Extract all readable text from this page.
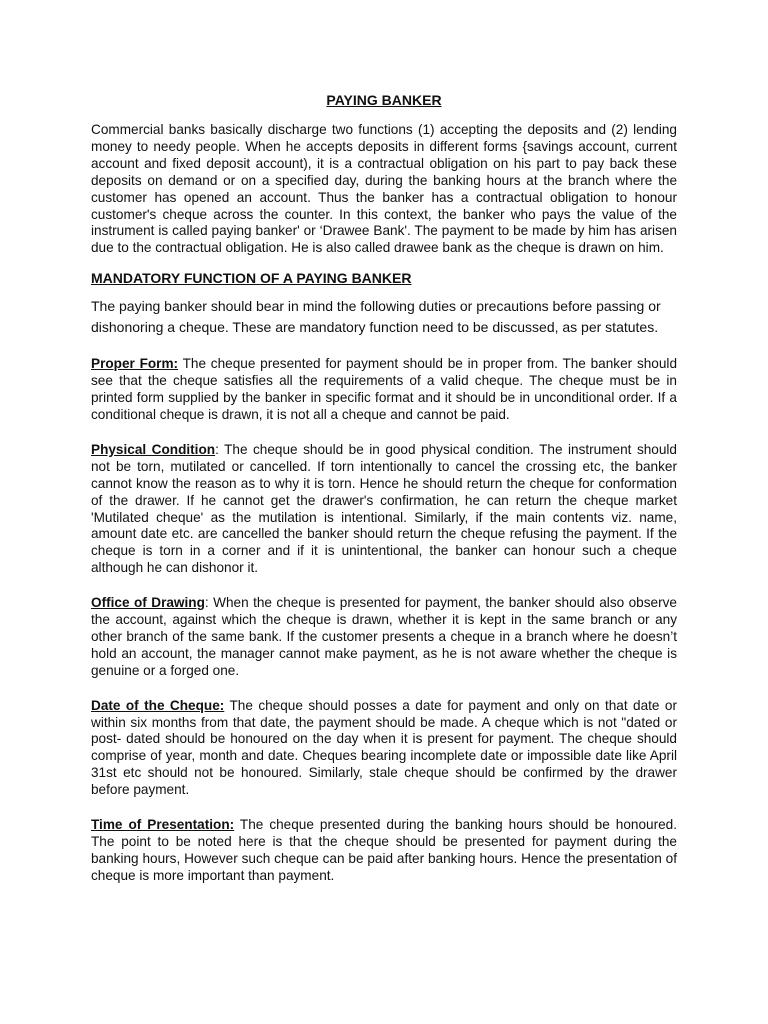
PAYING BANKER

Commercial banks basically discharge two functions (1) accepting the deposits and (2) lending money to needy people. When he accepts deposits in different forms {savings account, current account and fixed deposit account), it is a contractual obligation on his part to pay back these deposits on demand or on a specified day, during the banking hours at the branch where the customer has opened an account. Thus the banker has a contractual obligation to honour customer's cheque across the counter. In this context, the banker who pays the value of the instrument is called paying banker' or ‘Drawee Bank'. The payment to be made by him has arisen due to the contractual obligation. He is also called drawee bank as the cheque is drawn on him.

MANDATORY FUNCTION OF A PAYING BANKER

The paying banker should bear in mind the following duties or precautions before passing or dishonoring a cheque. These are mandatory function need to be discussed, as per statutes.

Proper Form: The cheque presented for payment should be in proper from. The banker should see that the cheque satisfies all the requirements of a valid cheque. The cheque must be in printed form supplied by the banker in specific format and it should be in unconditional order. If a conditional cheque is drawn, it is not all a cheque and cannot be paid.

Physical Condition: The cheque should be in good physical condition. The instrument should not be torn, mutilated or cancelled. If torn intentionally to cancel the crossing etc, the banker cannot know the reason as to why it is torn. Hence he should return the cheque for conformation of the drawer. If he cannot get the drawer's confirmation, he can return the cheque market 'Mutilated cheque' as the mutilation is intentional. Similarly, if the main contents viz. name, amount date etc. are cancelled the banker should return the cheque refusing the payment. If the cheque is torn in a corner and if it is unintentional, the banker can honour such a cheque although he can dishonor it.

Office of Drawing: When the cheque is presented for payment, the banker should also observe the account, against which the cheque is drawn, whether it is kept in the same branch or any other branch of the same bank. If the customer presents a cheque in a branch where he doesn’t hold an account, the manager cannot make payment, as he is not aware whether the cheque is genuine or a forged one.

Date of the Cheque: The cheque should posses a date for payment and only on that date or within six months from that date, the payment should be made. A cheque which is not "dated or post- dated should be honoured on the day when it is present for payment. The cheque should comprise of year, month and date. Cheques bearing incomplete date or impossible date like April 31st etc should not be honoured. Similarly, stale cheque should be confirmed by the drawer before payment.

Time of Presentation: The cheque presented during the banking hours should be honoured. The point to be noted here is that the cheque should be presented for payment during the banking hours, However such cheque can be paid after banking hours. Hence the presentation of cheque is more important than payment.
